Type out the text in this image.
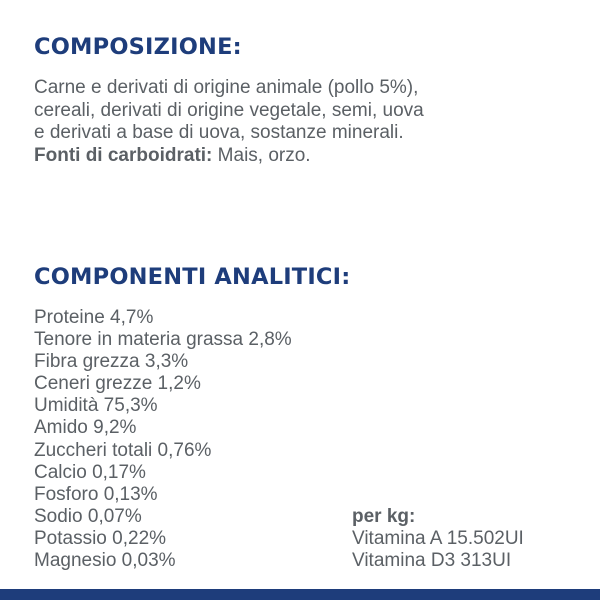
COMPOSIZIONE:
Carne e derivati di origine animale (pollo 5%),
cereali, derivati di origine vegetale, semi, uova
e derivati a base di uova, sostanze minerali.
Fonti di carboidrati: Mais, orzo.
COMPONENTI ANALITICI:
Proteine 4,7%
Tenore in materia grassa 2,8%
Fibra grezza 3,3%
Ceneri grezze 1,2%
Umidità 75,3%
Amido 9,2%
Zuccheri totali 0,76%
Calcio 0,17%
Fosforo 0,13%
Sodio 0,07%
Potassio 0,22%
Magnesio 0,03%
per kg:
Vitamina A 15.502UI
Vitamina D3 313UI
